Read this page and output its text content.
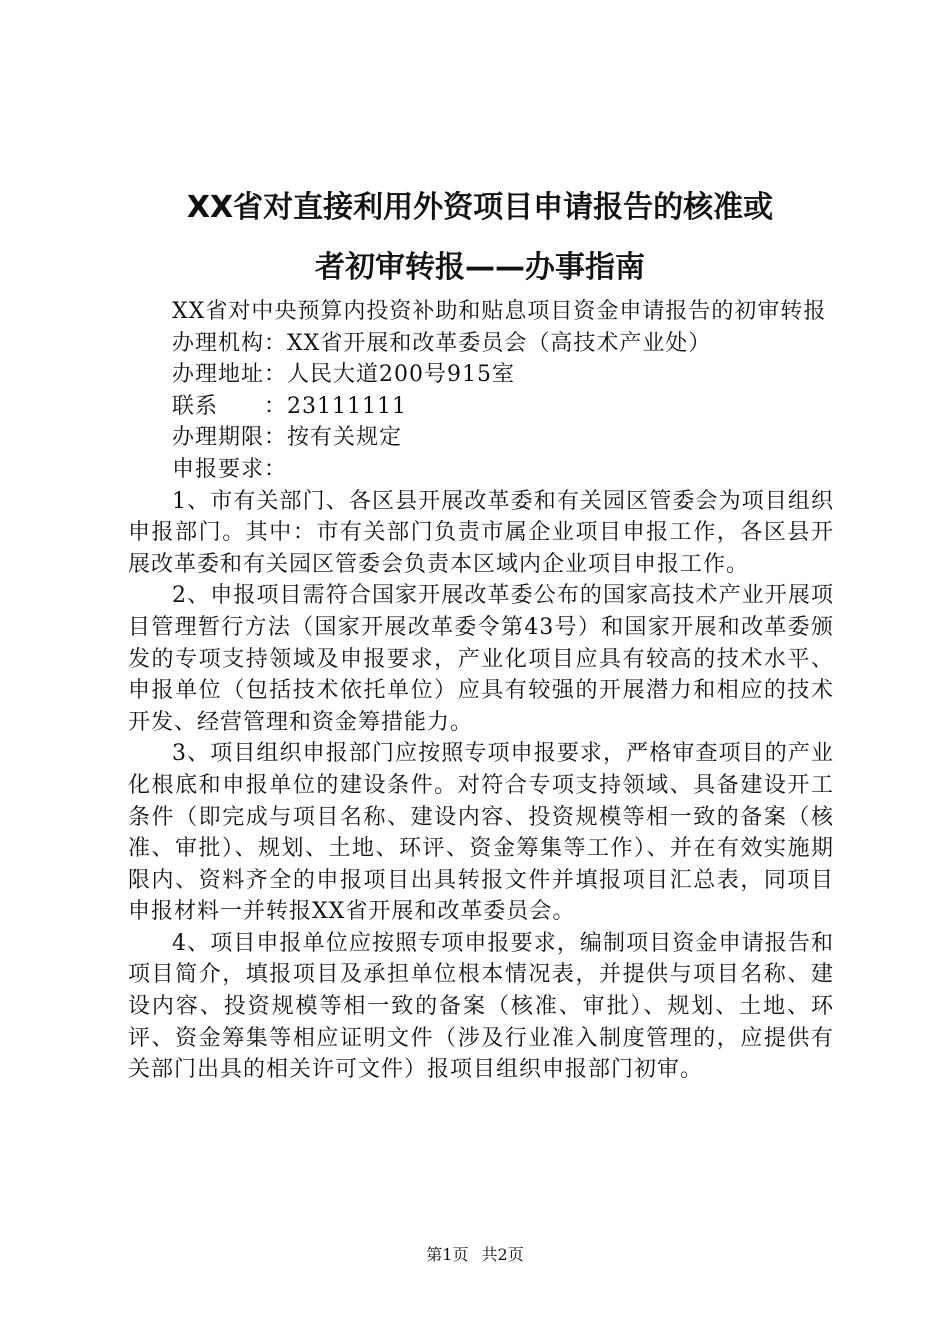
XX省对直接利用外资项目申请报告的核准或
者初审转报——办事指南

XX省对中央预算内投资补助和贴息项目资金申请报告的初审转报

办理机构：XX省开展和改革委员会（高技术产业处）

办理地址：人民大道200号915室

联系　　：23111111

办理期限：按有关规定

申报要求：

1、市有关部门、各区县开展改革委和有关园区管委会为项目组织申报部门。其中：市有关部门负责市属企业项目申报工作，各区县开展改革委和有关园区管委会负责本区域内企业项目申报工作。

2、申报项目需符合国家开展改革委公布的国家高技术产业开展项目管理暂行方法（国家开展改革委令第43号）和国家开展和改革委颁发的专项支持领域及申报要求，产业化项目应具有较高的技术水平、申报单位（包括技术依托单位）应具有较强的开展潜力和相应的技术开发、经营管理和资金筹措能力。

3、项目组织申报部门应按照专项申报要求，严格审查项目的产业化根底和申报单位的建设条件。对符合专项支持领域、具备建设开工条件（即完成与项目名称、建设内容、投资规模等相一致的备案（核准、审批）、规划、土地、环评、资金筹集等工作）、并在有效实施期限内、资料齐全的申报项目出具转报文件并填报项目汇总表，同项目申报材料一并转报XX省开展和改革委员会。

4、项目申报单位应按照专项申报要求，编制项目资金申请报告和项目简介，填报项目及承担单位根本情况表，并提供与项目名称、建设内容、投资规模等相一致的备案（核准、审批）、规划、土地、环评、资金筹集等相应证明文件（涉及行业准入制度管理的，应提供有关部门出具的相关许可文件）报项目组织申报部门初审。

第1页 共2页
